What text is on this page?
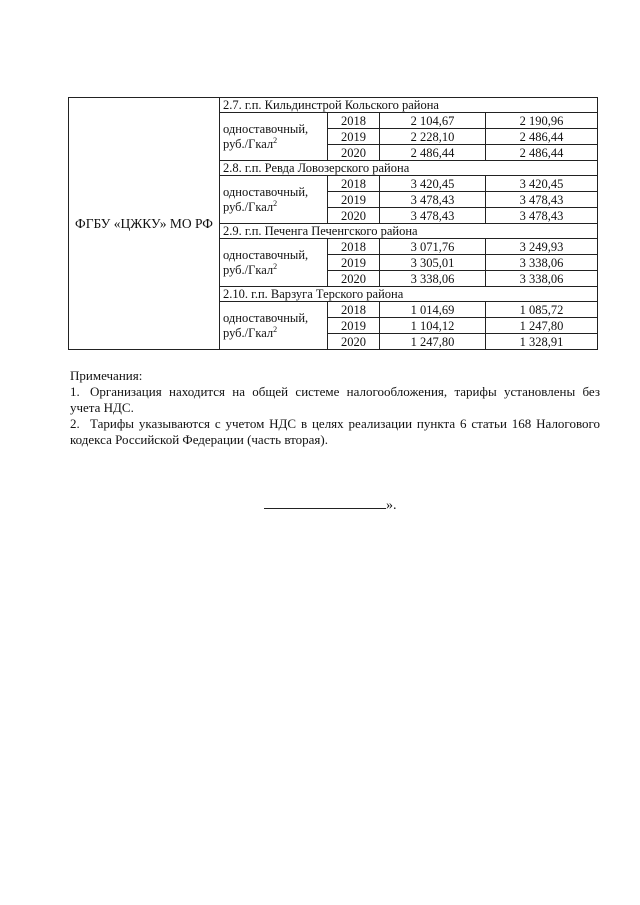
ФГБУ «ЦЖКУ» МО РФ	2.7. г.п. Кильдинстрой Кольского района			
	одноставочный, руб./Гкал$^2$	2018	2 104,67	2 190,96
		2019	2 228,10	2 486,44
		2020	2 486,44	2 486,44
	2.8. г.п. Ревда Ловозерского района			
	одноставочный, руб./Гкал$^2$	2018	3 420,45	3 420,45
		2019	3 478,43	3 478,43
		2020	3 478,43	3 478,43
	2.9. г.п. Печенга Печенгского района			
	одноставочный, руб./Гкал$^2$	2018	3 071,76	3 249,93
		2019	3 305,01	3 338,06
		2020	3 338,06	3 338,06
	2.10. г.п. Варзуга Терского района			
	одноставочный, руб./Гкал$^2$	2018	1 014,69	1 085,72
		2019	1 104,12	1 247,80
		2020	1 247,80	1 328,91

Примечания:

1. Организация находится на общей системе налогообложения, тарифы установлены без учета НДС.

2. Тарифы указываются с учетом НДС в целях реализации пункта 6 статьи 168 Налогового кодекса Российской Федерации (часть вторая).

».
